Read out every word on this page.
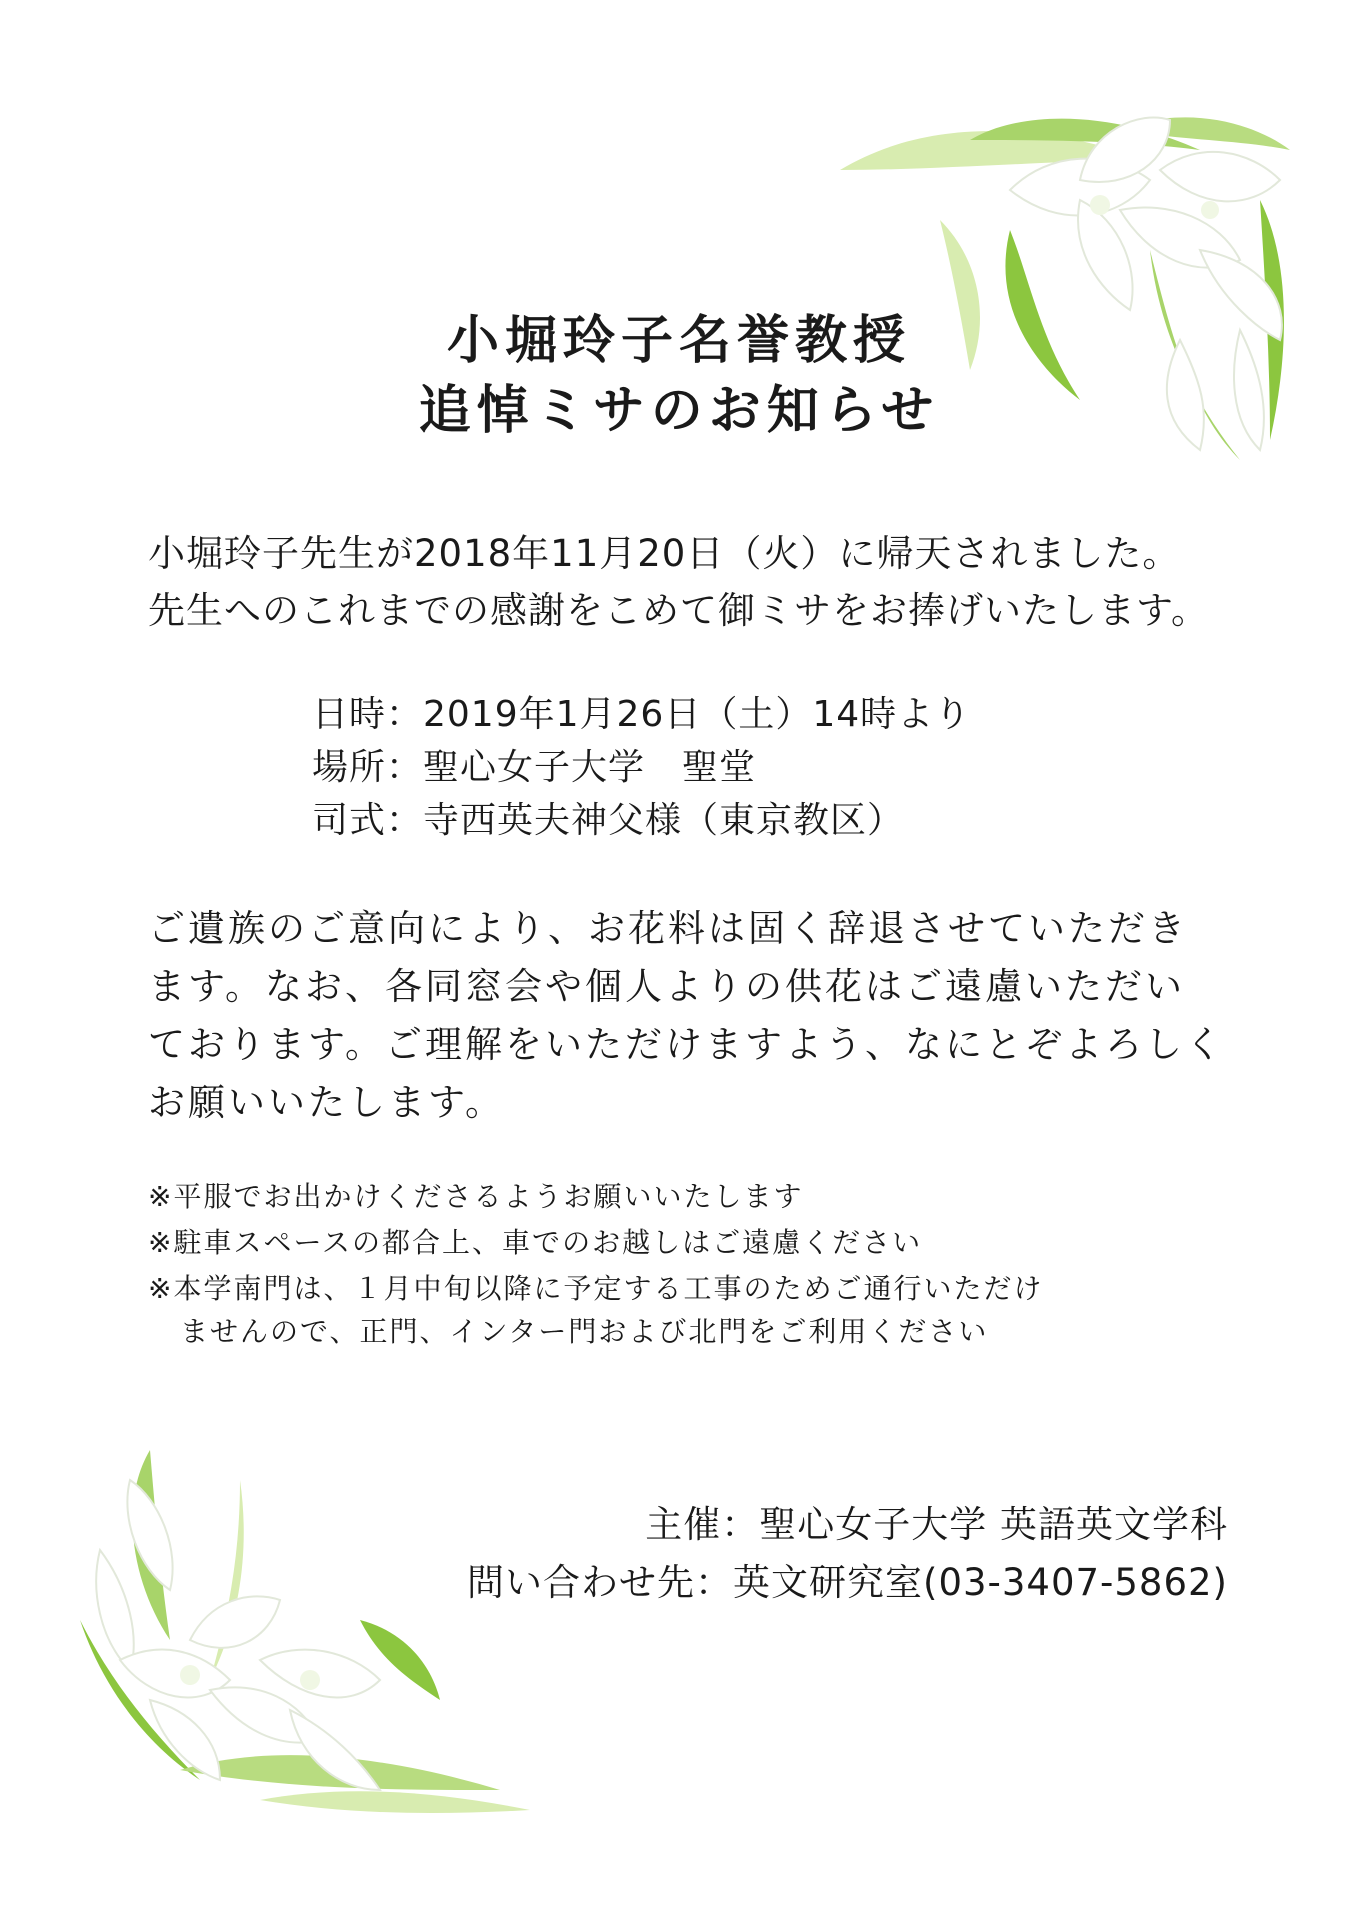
小堀玲子名誉教授
追悼ミサのお知らせ
小堀玲子先生が2018年11月20日（火）に帰天されました。
先生へのこれまでの感謝をこめて御ミサをお捧げいたします。
日時：2019年1月26日（土）14時より
場所：聖心女子大学　聖堂
司式：寺西英夫神父様（東京教区）
ご遺族のご意向により、お花料は固く辞退させていただき
ます。なお、各同窓会や個人よりの供花はご遠慮いただい
ております。ご理解をいただけますよう、なにとぞよろしく
お願いいたします。
※平服でお出かけくださるようお願いいたします
※駐車スペースの都合上、車でのお越しはご遠慮ください
※本学南門は、１月中旬以降に予定する工事のためご通行いただけ
ませんので、正門、インター門および北門をご利用ください
主催：聖心女子大学 英語英文学科
問い合わせ先：英文研究室(03-3407-5862)
